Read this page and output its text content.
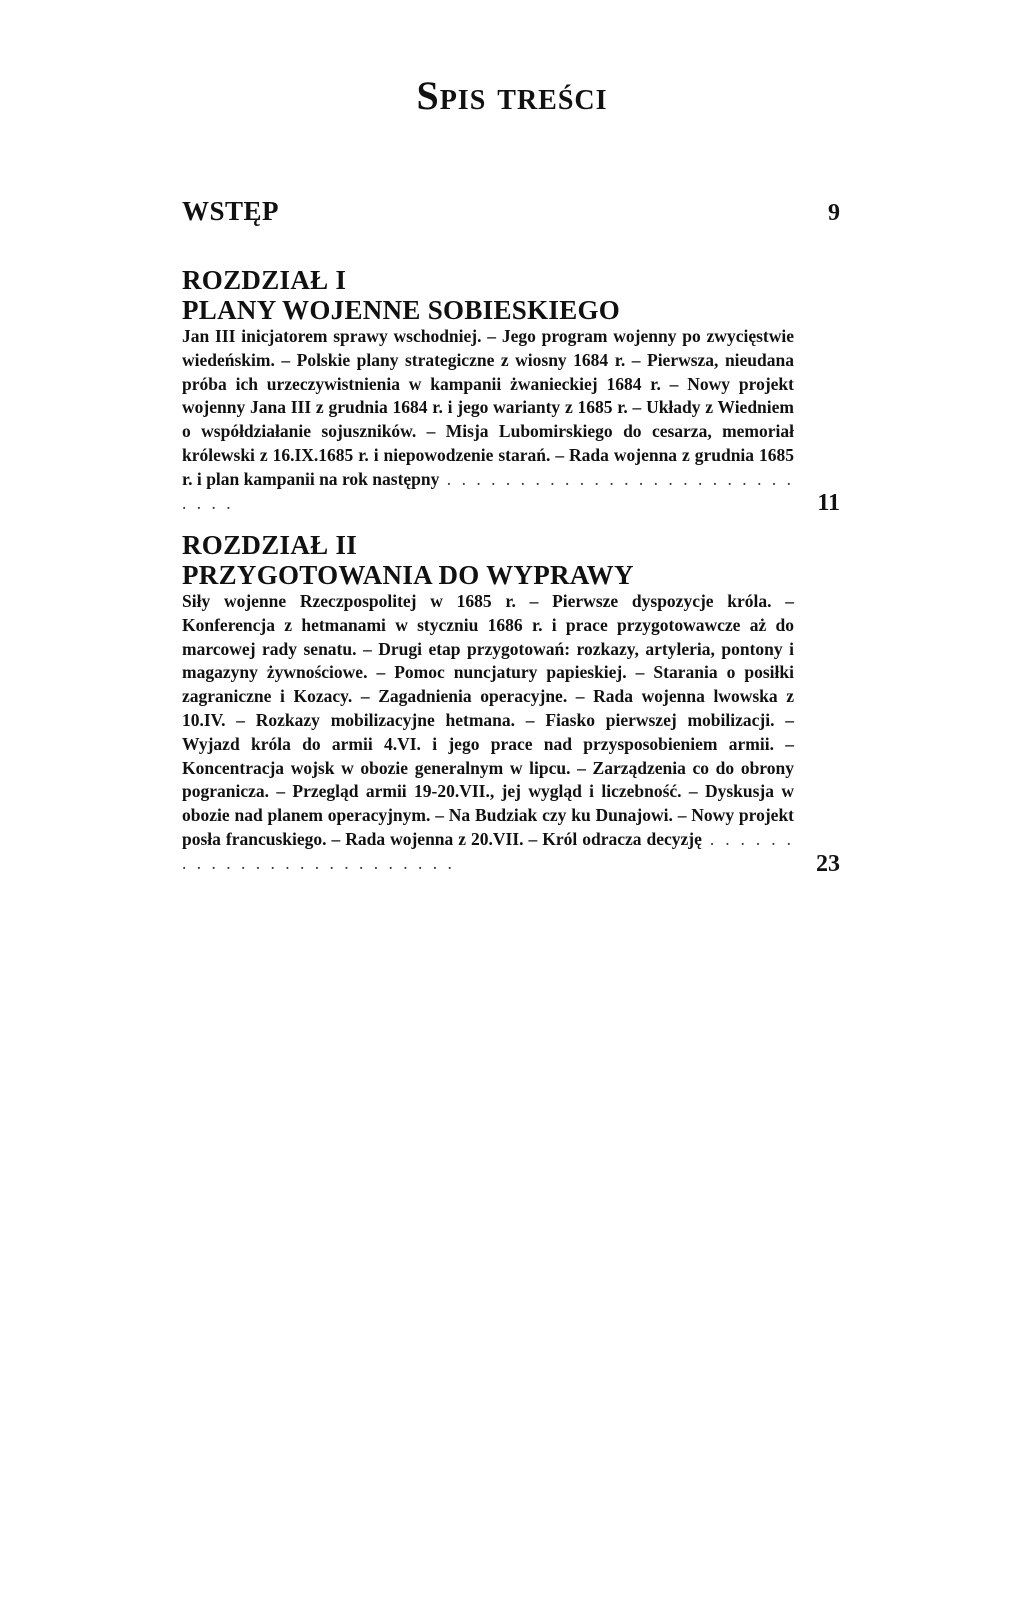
Spis treści
WSTĘP	9
ROZDZIAŁ I
PLANY WOJENNE SOBIESKIEGO

Jan III inicjatorem sprawy wschodniej. – Jego program wojenny po zwycięstwie wiedeńskim. – Polskie plany strategiczne z wiosny 1684 r. – Pierwsza, nieudana próba ich urzeczywistnienia w kampanii żwanieckiej 1684 r. – Nowy projekt wojenny Jana III z grudnia 1684 r. i jego warianty z 1685 r. – Układy z Wiedniem o współdziałanie sojuszników. – Misja Lubomirskiego do cesarza, memoriał królewski z 16.IX.1685 r. i niepowodzenie starań. – Rada wojenna z grudnia 1685 r. i plan kampanii na rok następny . . . . . . . . . . . . . . . . . . . . . . . . . . . .	11
ROZDZIAŁ II
PRZYGOTOWANIA DO WYPRAWY

Siły wojenne Rzeczpospolitej w 1685 r. – Pierwsze dyspozycje króla. – Konferencja z hetmanami w styczniu 1686 r. i prace przygotowawcze aż do marcowej rady senatu. – Drugi etap przygotowań: rozkazy, artyleria, pontony i magazyny żywnościowe. – Pomoc nuncjatury papieskiej. – Starania o posiłki zagraniczne i Kozacy. – Zagadnienia operacyjne. – Rada wojenna lwowska z 10.IV. – Rozkazy mobilizacyjne hetmana. – Fiasko pierwszej mobilizacji. – Wyjazd króla do armii 4.VI. i jego prace nad przysposobieniem armii. – Koncentracja wojsk w obozie generalnym w lipcu. – Zarządzenia co do obrony pogranicza. – Przegląd armii 19-20.VII., jej wygląd i liczebność. – Dyskusja w obozie nad planem operacyjnym. – Na Budziak czy ku Dunajowi. – Nowy projekt posła francuskiego. – Rada wojenna z 20.VII. – Król odracza decyzję . . . . . . . . . . . . . . . . . . . . . . . . .	23
